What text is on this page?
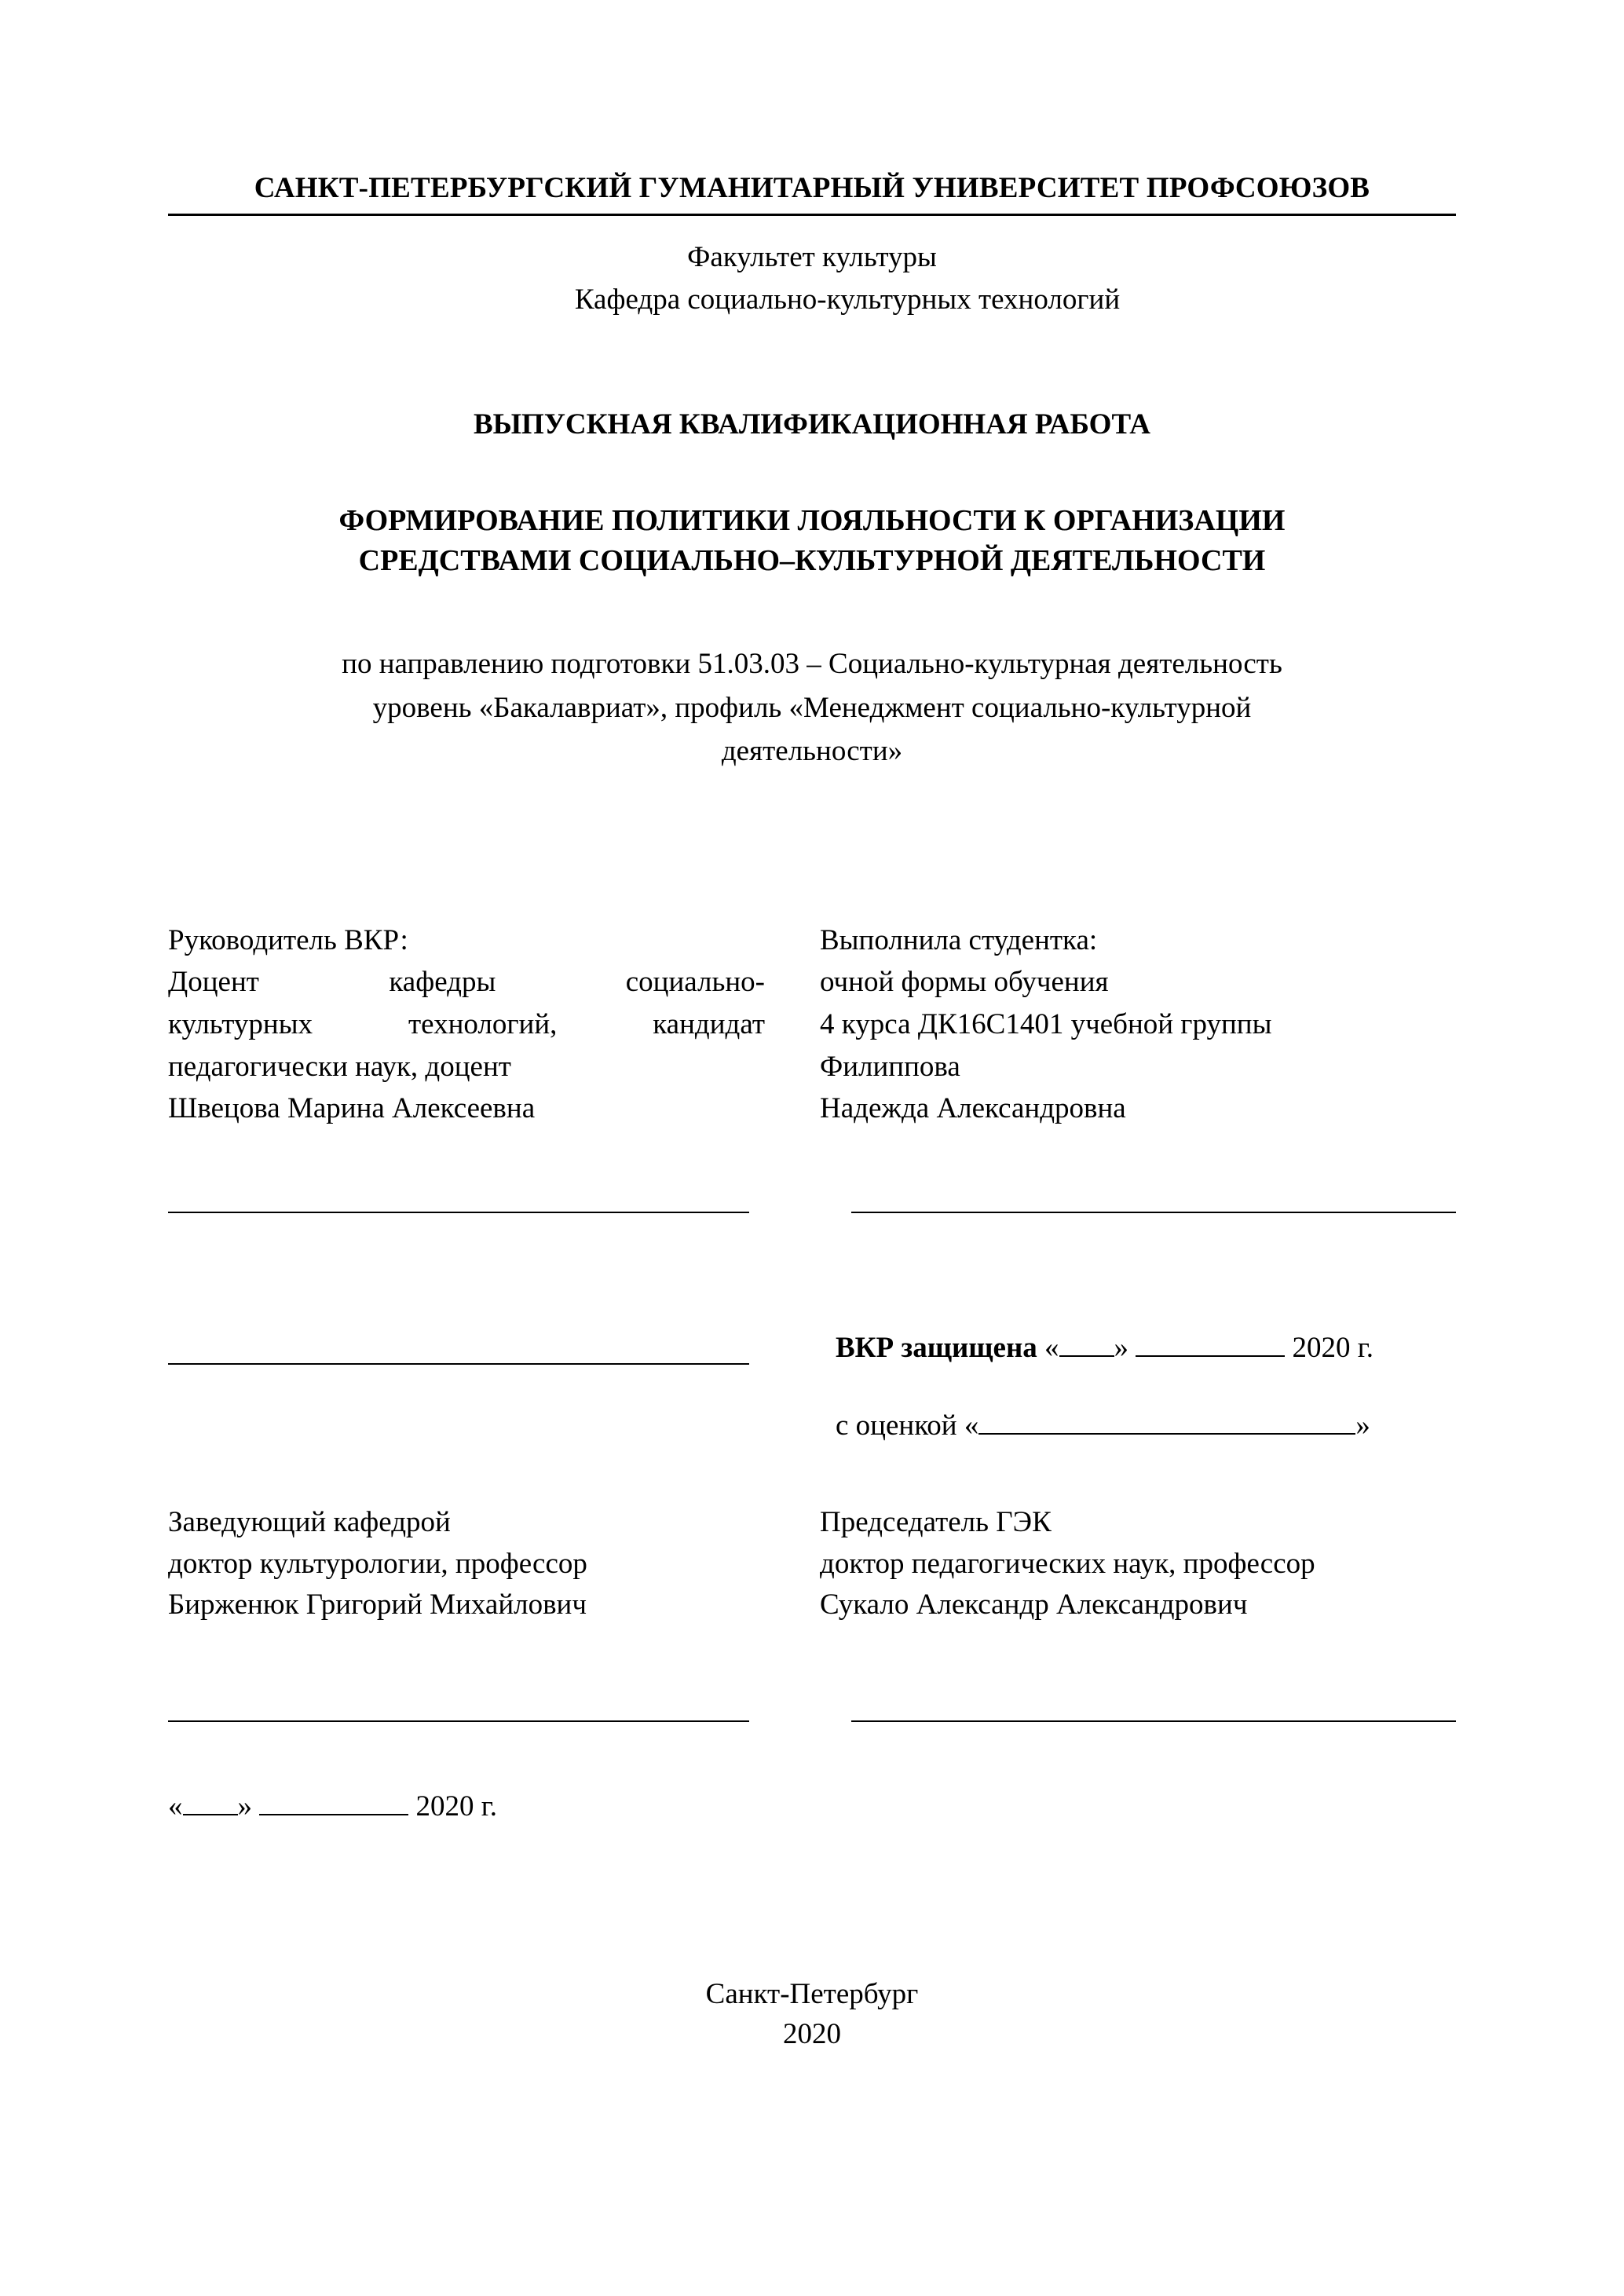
САНКТ-ПЕТЕРБУРГСКИЙ ГУМАНИТАРНЫЙ УНИВЕРСИТЕТ ПРОФСОЮЗОВ
Факультет культуры
Кафедра социально-культурных технологий
ВЫПУСКНАЯ КВАЛИФИКАЦИОННАЯ РАБОТА
ФОРМИРОВАНИЕ ПОЛИТИКИ ЛОЯЛЬНОСТИ К ОРГАНИЗАЦИИ
СРЕДСТВАМИ СОЦИАЛЬНО–КУЛЬТУРНОЙ ДЕЯТЕЛЬНОСТИ
по направлению подготовки 51.03.03 – Социально-культурная деятельность
уровень «Бакалавриат», профиль «Менеджмент социально-культурной
деятельности»
Руководитель ВКР:
Доцент кафедры социально-
культурных технологий, кандидат
педагогически наук, доцент
Швецова Марина Алексеевна
Выполнила студентка:
очной формы обучения
4 курса ДК16С1401 учебной группы
Филиппова
Надежда Александровна
ВКР защищена « »	2020 г.
с оценкой «	»
Заведующий кафедрой
доктор культурологии, профессор
Бирженюк Григорий Михайлович
Председатель ГЭК
доктор педагогических наук, профессор
Сукало Александр Александрович
« »	2020 г.
Санкт-Петербург
2020
